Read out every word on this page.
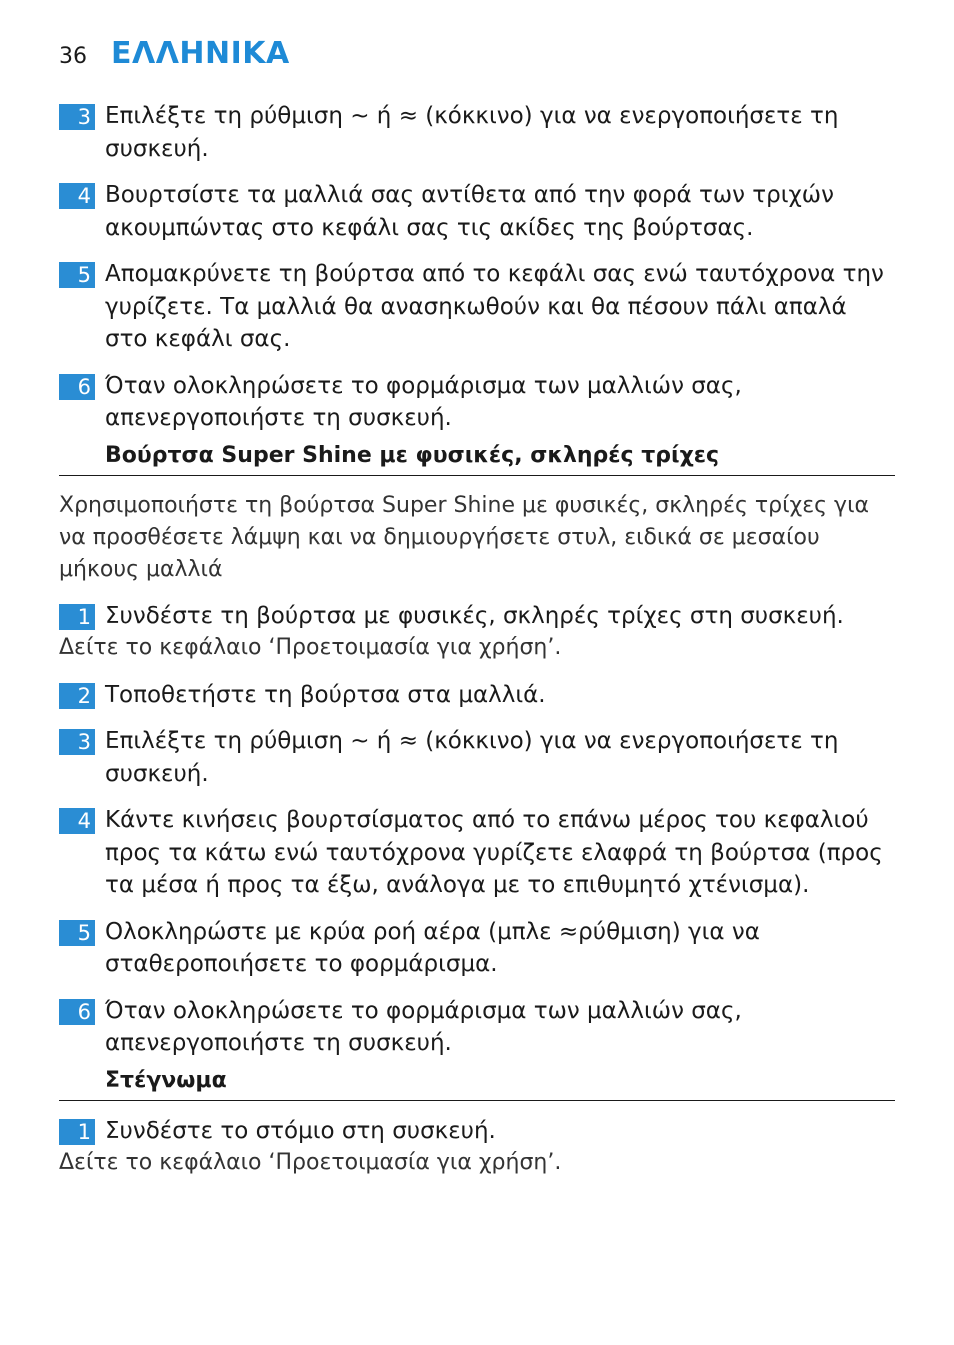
36 ΕΛΛΗΝΙΚΑ
3 Επιλέξτε τη ρύθμιση ~ ή ≈ (κόκκινο) για να ενεργοποιήσετε τη συσκευή.
4 Βουρτσίστε τα μαλλιά σας αντίθετα από την φορά των τριχών ακουμπώντας στο κεφάλι σας τις ακίδες της βούρτσας.
5 Απομακρύνετε τη βούρτσα από το κεφάλι σας ενώ ταυτόχρονα την γυρίζετε. Τα μαλλιά θα ανασηκωθούν και θα πέσουν πάλι απαλά στο κεφάλι σας.
6 Όταν ολοκληρώσετε το φορμάρισμα των μαλλιών σας, απενεργοποιήστε τη συσκευή.
Βούρτσα Super Shine με φυσικές, σκληρές τρίχες
Χρησιμοποιήστε τη βούρτσα Super Shine με φυσικές, σκληρές τρίχες για να προσθέσετε λάμψη και να δημιουργήσετε στυλ, ειδικά σε μεσαίου μήκους μαλλιά
1 Συνδέστε τη βούρτσα με φυσικές, σκληρές τρίχες στη συσκευή.
Δείτε το κεφάλαιο ‘Προετοιμασία για χρήση’.
2 Τοποθετήστε τη βούρτσα στα μαλλιά.
3 Επιλέξτε τη ρύθμιση ~ ή ≈ (κόκκινο) για να ενεργοποιήσετε τη συσκευή.
4 Κάντε κινήσεις βουρτσίσματος από το επάνω μέρος του κεφαλιού προς τα κάτω ενώ ταυτόχρονα γυρίζετε ελαφρά τη βούρτσα (προς τα μέσα ή προς τα έξω, ανάλογα με το επιθυμητό χτένισμα).
5 Ολοκληρώστε με κρύα ροή αέρα (μπλε ≈ρύθμιση) για να σταθεροποιήσετε το φορμάρισμα.
6 Όταν ολοκληρώσετε το φορμάρισμα των μαλλιών σας, απενεργοποιήστε τη συσκευή.
Στέγνωμα
1 Συνδέστε το στόμιο στη συσκευή.
Δείτε το κεφάλαιο ‘Προετοιμασία για χρήση’.
